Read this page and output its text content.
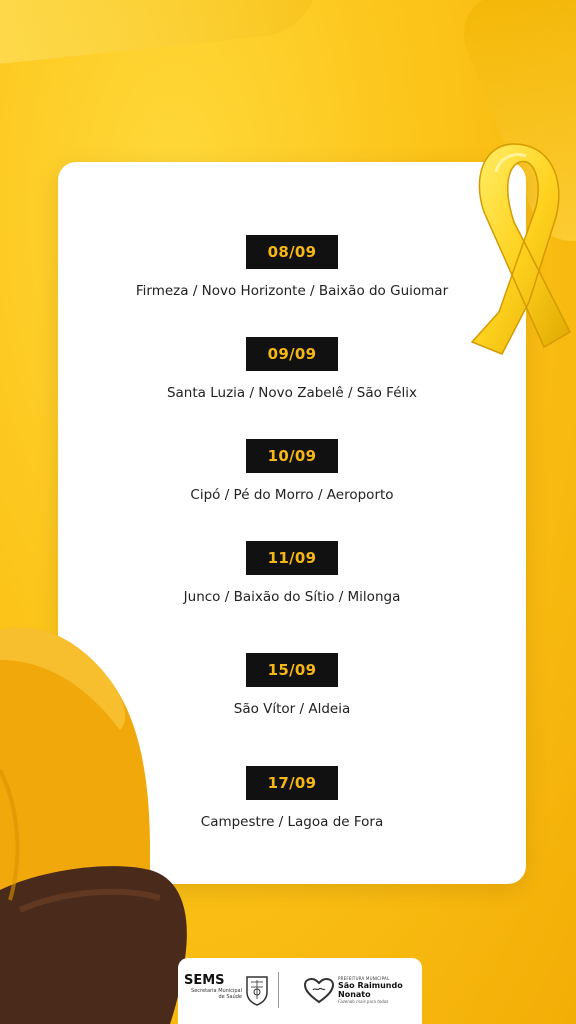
08/09
Firmeza / Novo Horizonte / Baixão do Guiomar
09/09
Santa Luzia / Novo Zabelê / São Félix
10/09
Cipó / Pé do Morro / Aeroporto
11/09
Junco / Baixão do Sítio / Milonga
15/09
São Vítor / Aldeia
17/09
Campestre / Lagoa de Fora
SEMS
Secretaria Municipal
de Saúde
PREFEITURA MUNICIPAL
São Raimundo
Nonato
Fazendo mais para todos
